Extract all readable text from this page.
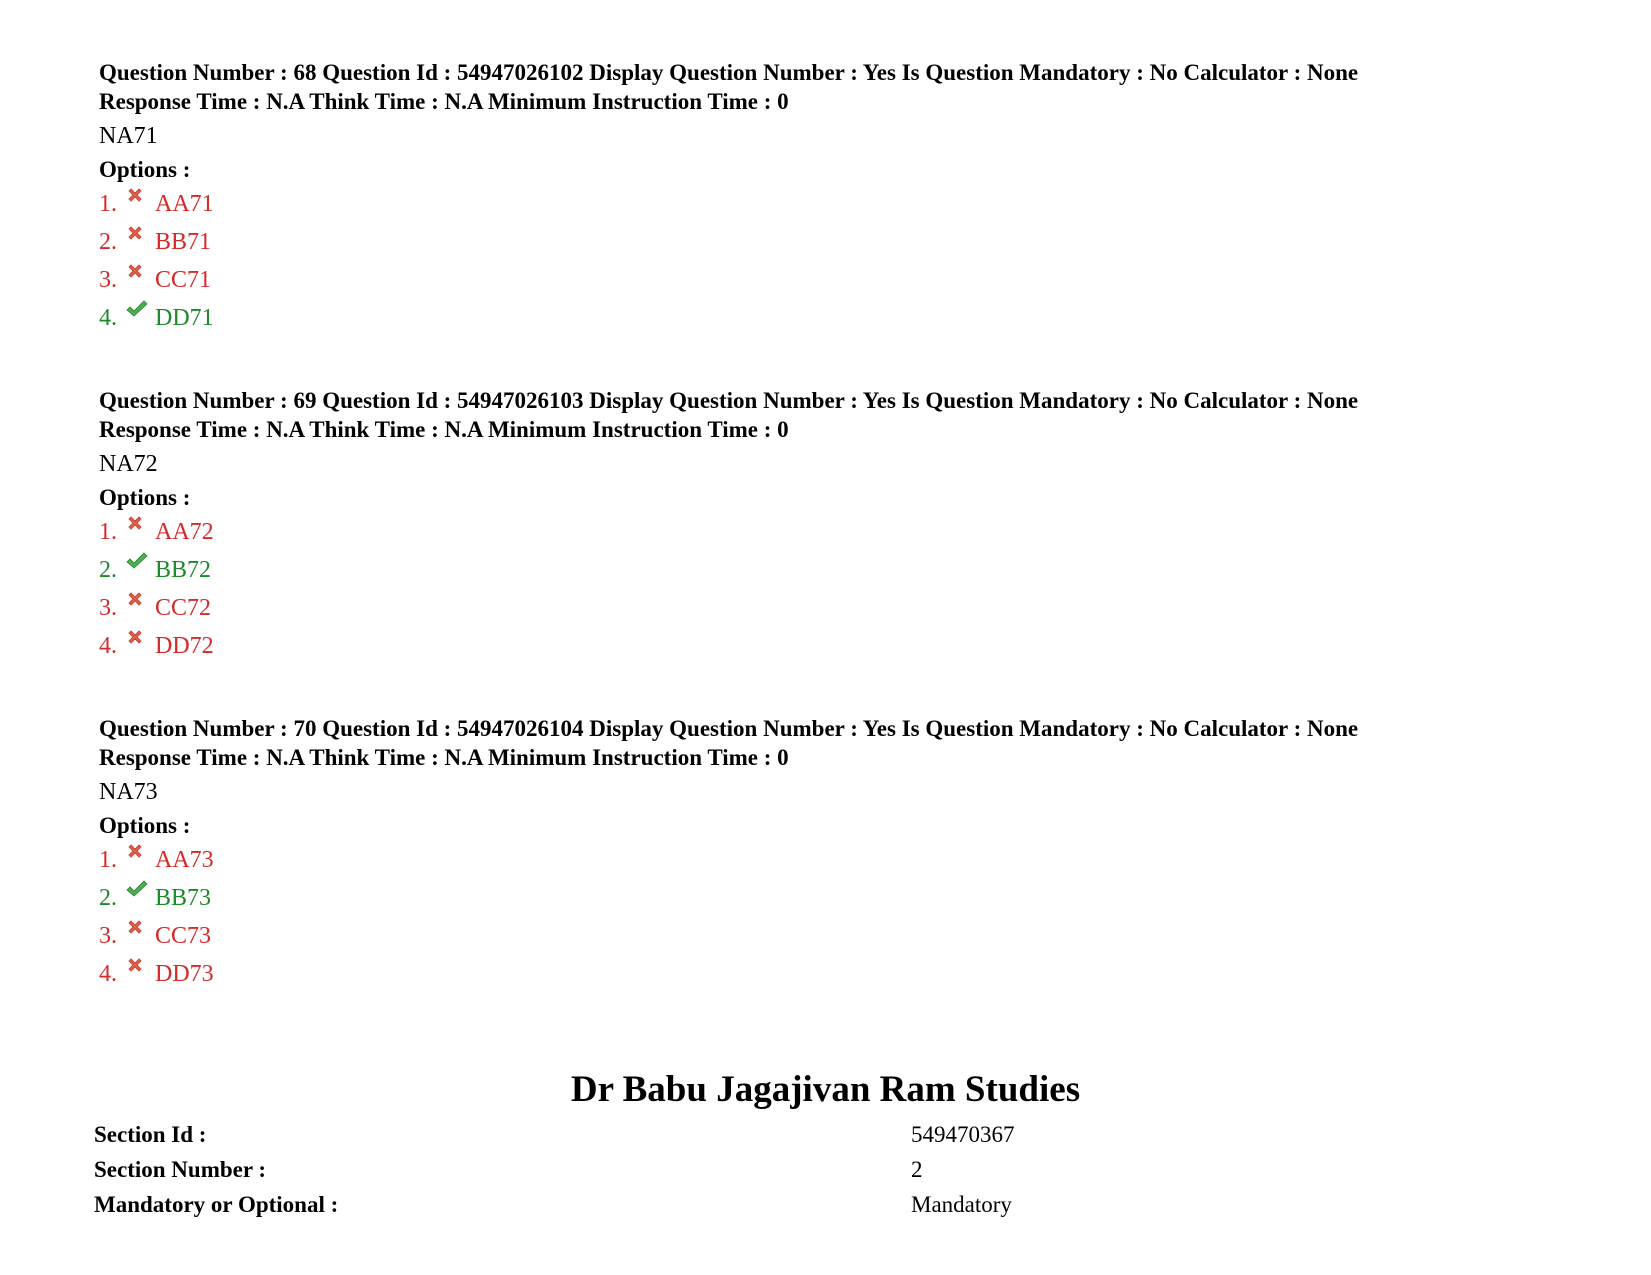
Question Number : 68 Question Id : 54947026102 Display Question Number : Yes Is Question Mandatory : No Calculator : None
Response Time : N.A Think Time : N.A Minimum Instruction Time : 0
NA71
Options :
1.	AA71
2.	BB71
3.	CC71
4.	DD71
Question Number : 69 Question Id : 54947026103 Display Question Number : Yes Is Question Mandatory : No Calculator : None
Response Time : N.A Think Time : N.A Minimum Instruction Time : 0
NA72
Options :
1.	AA72
2.	BB72
3.	CC72
4.	DD72
Question Number : 70 Question Id : 54947026104 Display Question Number : Yes Is Question Mandatory : No Calculator : None
Response Time : N.A Think Time : N.A Minimum Instruction Time : 0
NA73
Options :
1.	AA73
2.	BB73
3.	CC73
4.	DD73
Dr Babu Jagajivan Ram Studies
Section Id :	549470367
Section Number :	2
Mandatory or Optional :	Mandatory
